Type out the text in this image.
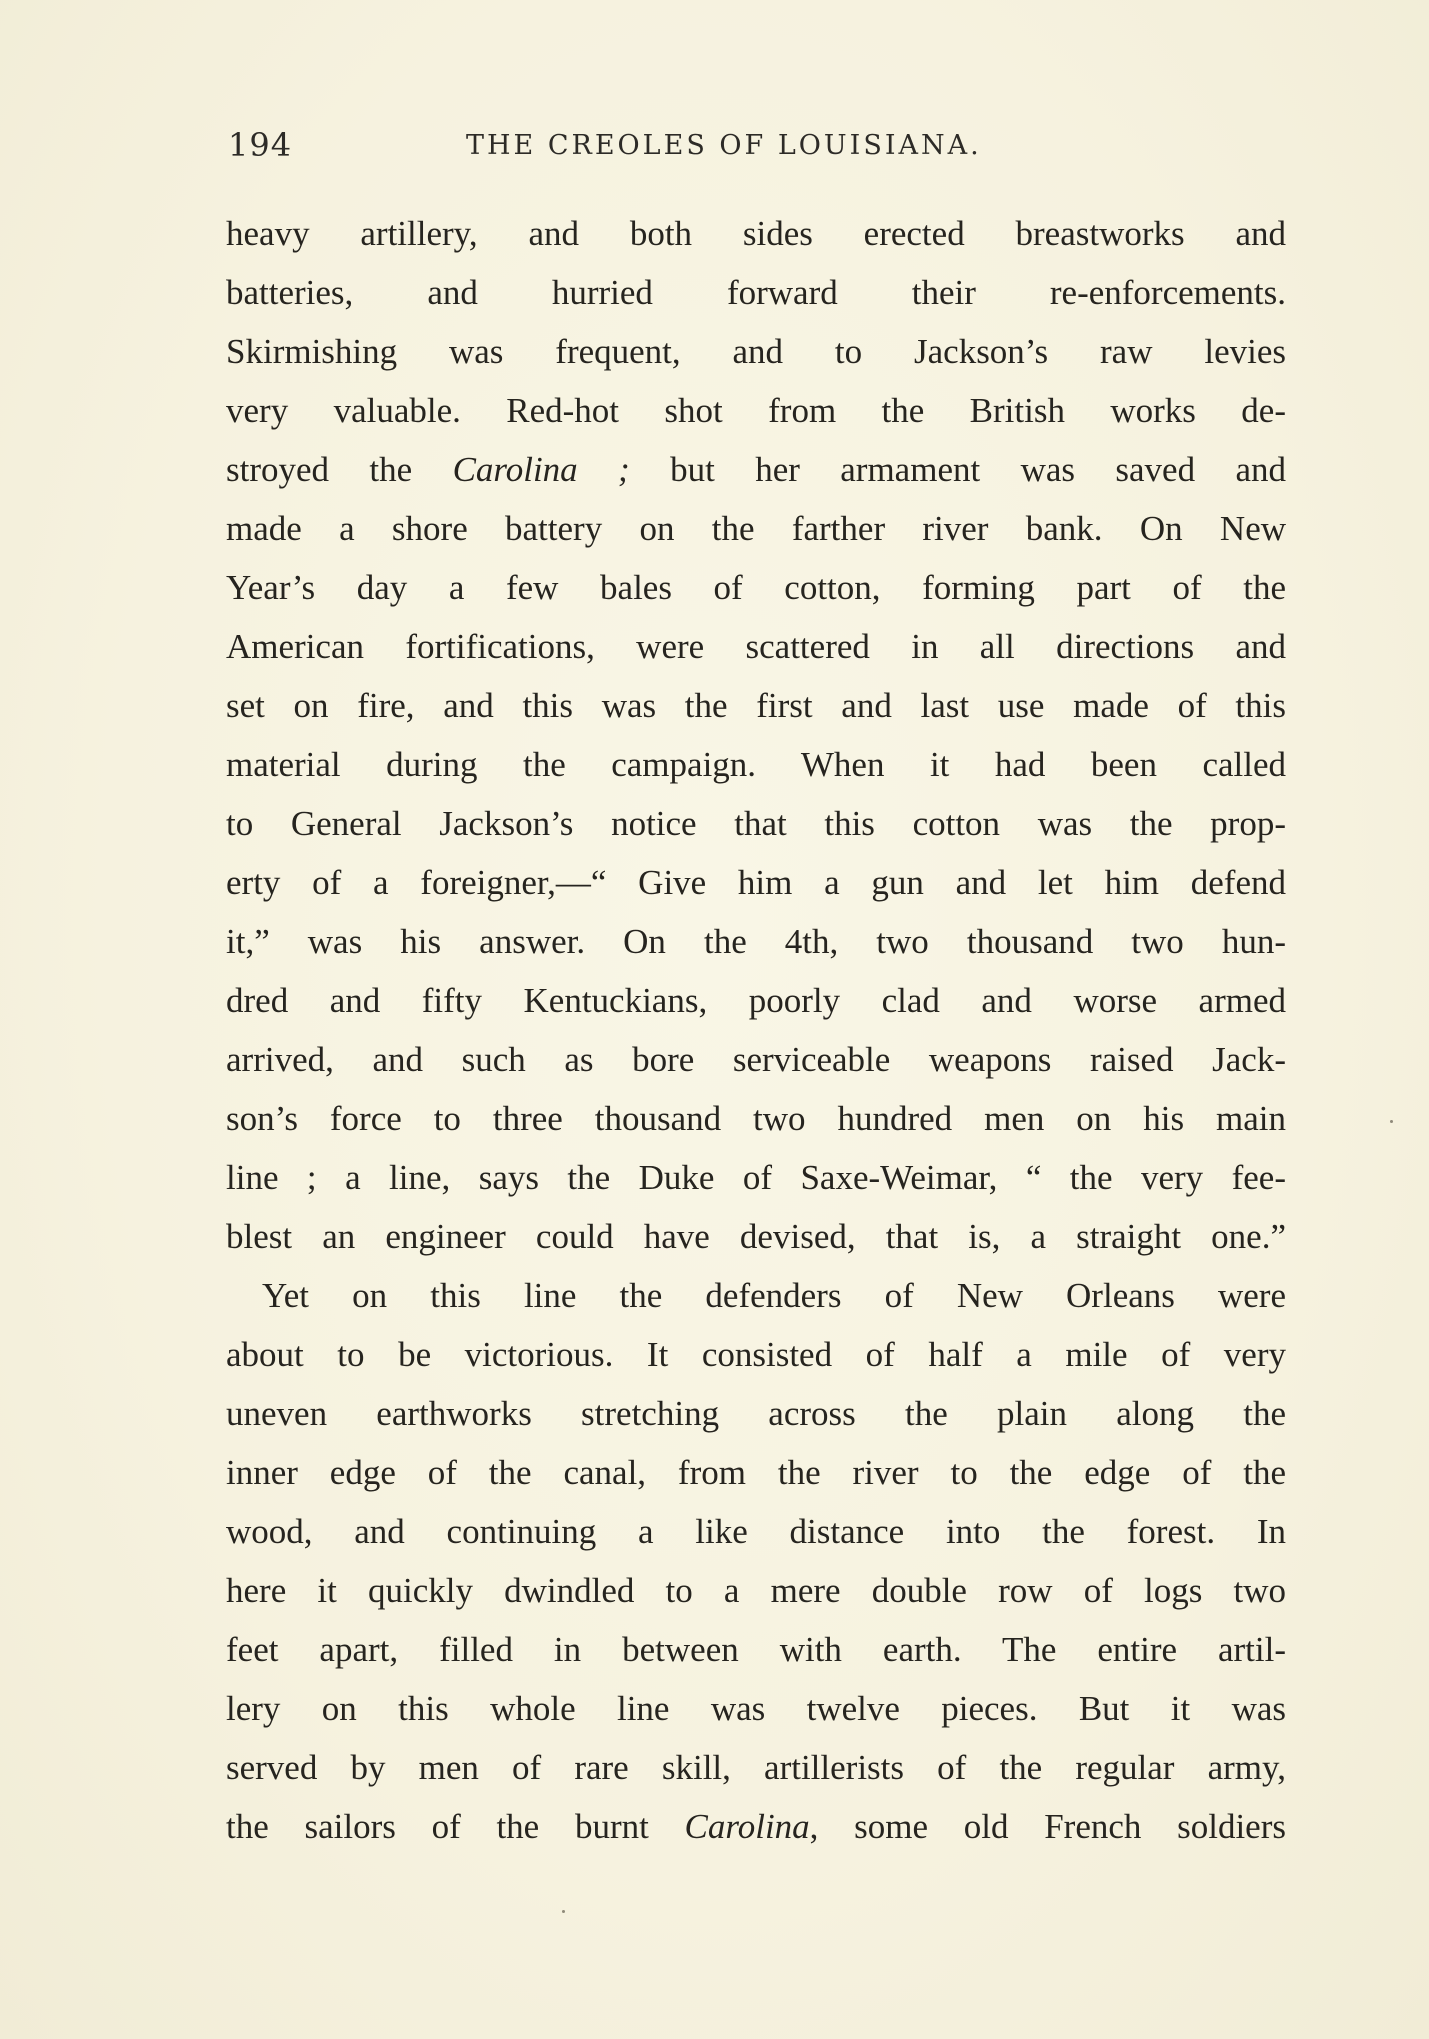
194	THE CREOLES OF LOUISIANA.
heavy artillery, and both sides erected breastworks and
batteries, and hurried forward their re-enforcements.
Skirmishing was frequent, and to Jackson’s raw levies
very valuable. Red-hot shot from the British works de-
stroyed the Carolina ; but her armament was saved and
made a shore battery on the farther river bank. On New
Year’s day a few bales of cotton, forming part of the
American fortifications, were scattered in all directions and
set on fire, and this was the first and last use made of this
material during the campaign. When it had been called
to General Jackson’s notice that this cotton was the prop-
erty of a foreigner,—“ Give him a gun and let him defend
it,” was his answer. On the 4th, two thousand two hun-
dred and fifty Kentuckians, poorly clad and worse armed
arrived, and such as bore serviceable weapons raised Jack-
son’s force to three thousand two hundred men on his main
line ; a line, says the Duke of Saxe-Weimar, “ the very fee-
blest an engineer could have devised, that is, a straight one.”
Yet on this line the defenders of New Orleans were
about to be victorious. It consisted of half a mile of very
uneven earthworks stretching across the plain along the
inner edge of the canal, from the river to the edge of the
wood, and continuing a like distance into the forest. In
here it quickly dwindled to a mere double row of logs two
feet apart, filled in between with earth. The entire artil-
lery on this whole line was twelve pieces. But it was
served by men of rare skill, artillerists of the regular army,
the sailors of the burnt Carolina, some old French soldiers
